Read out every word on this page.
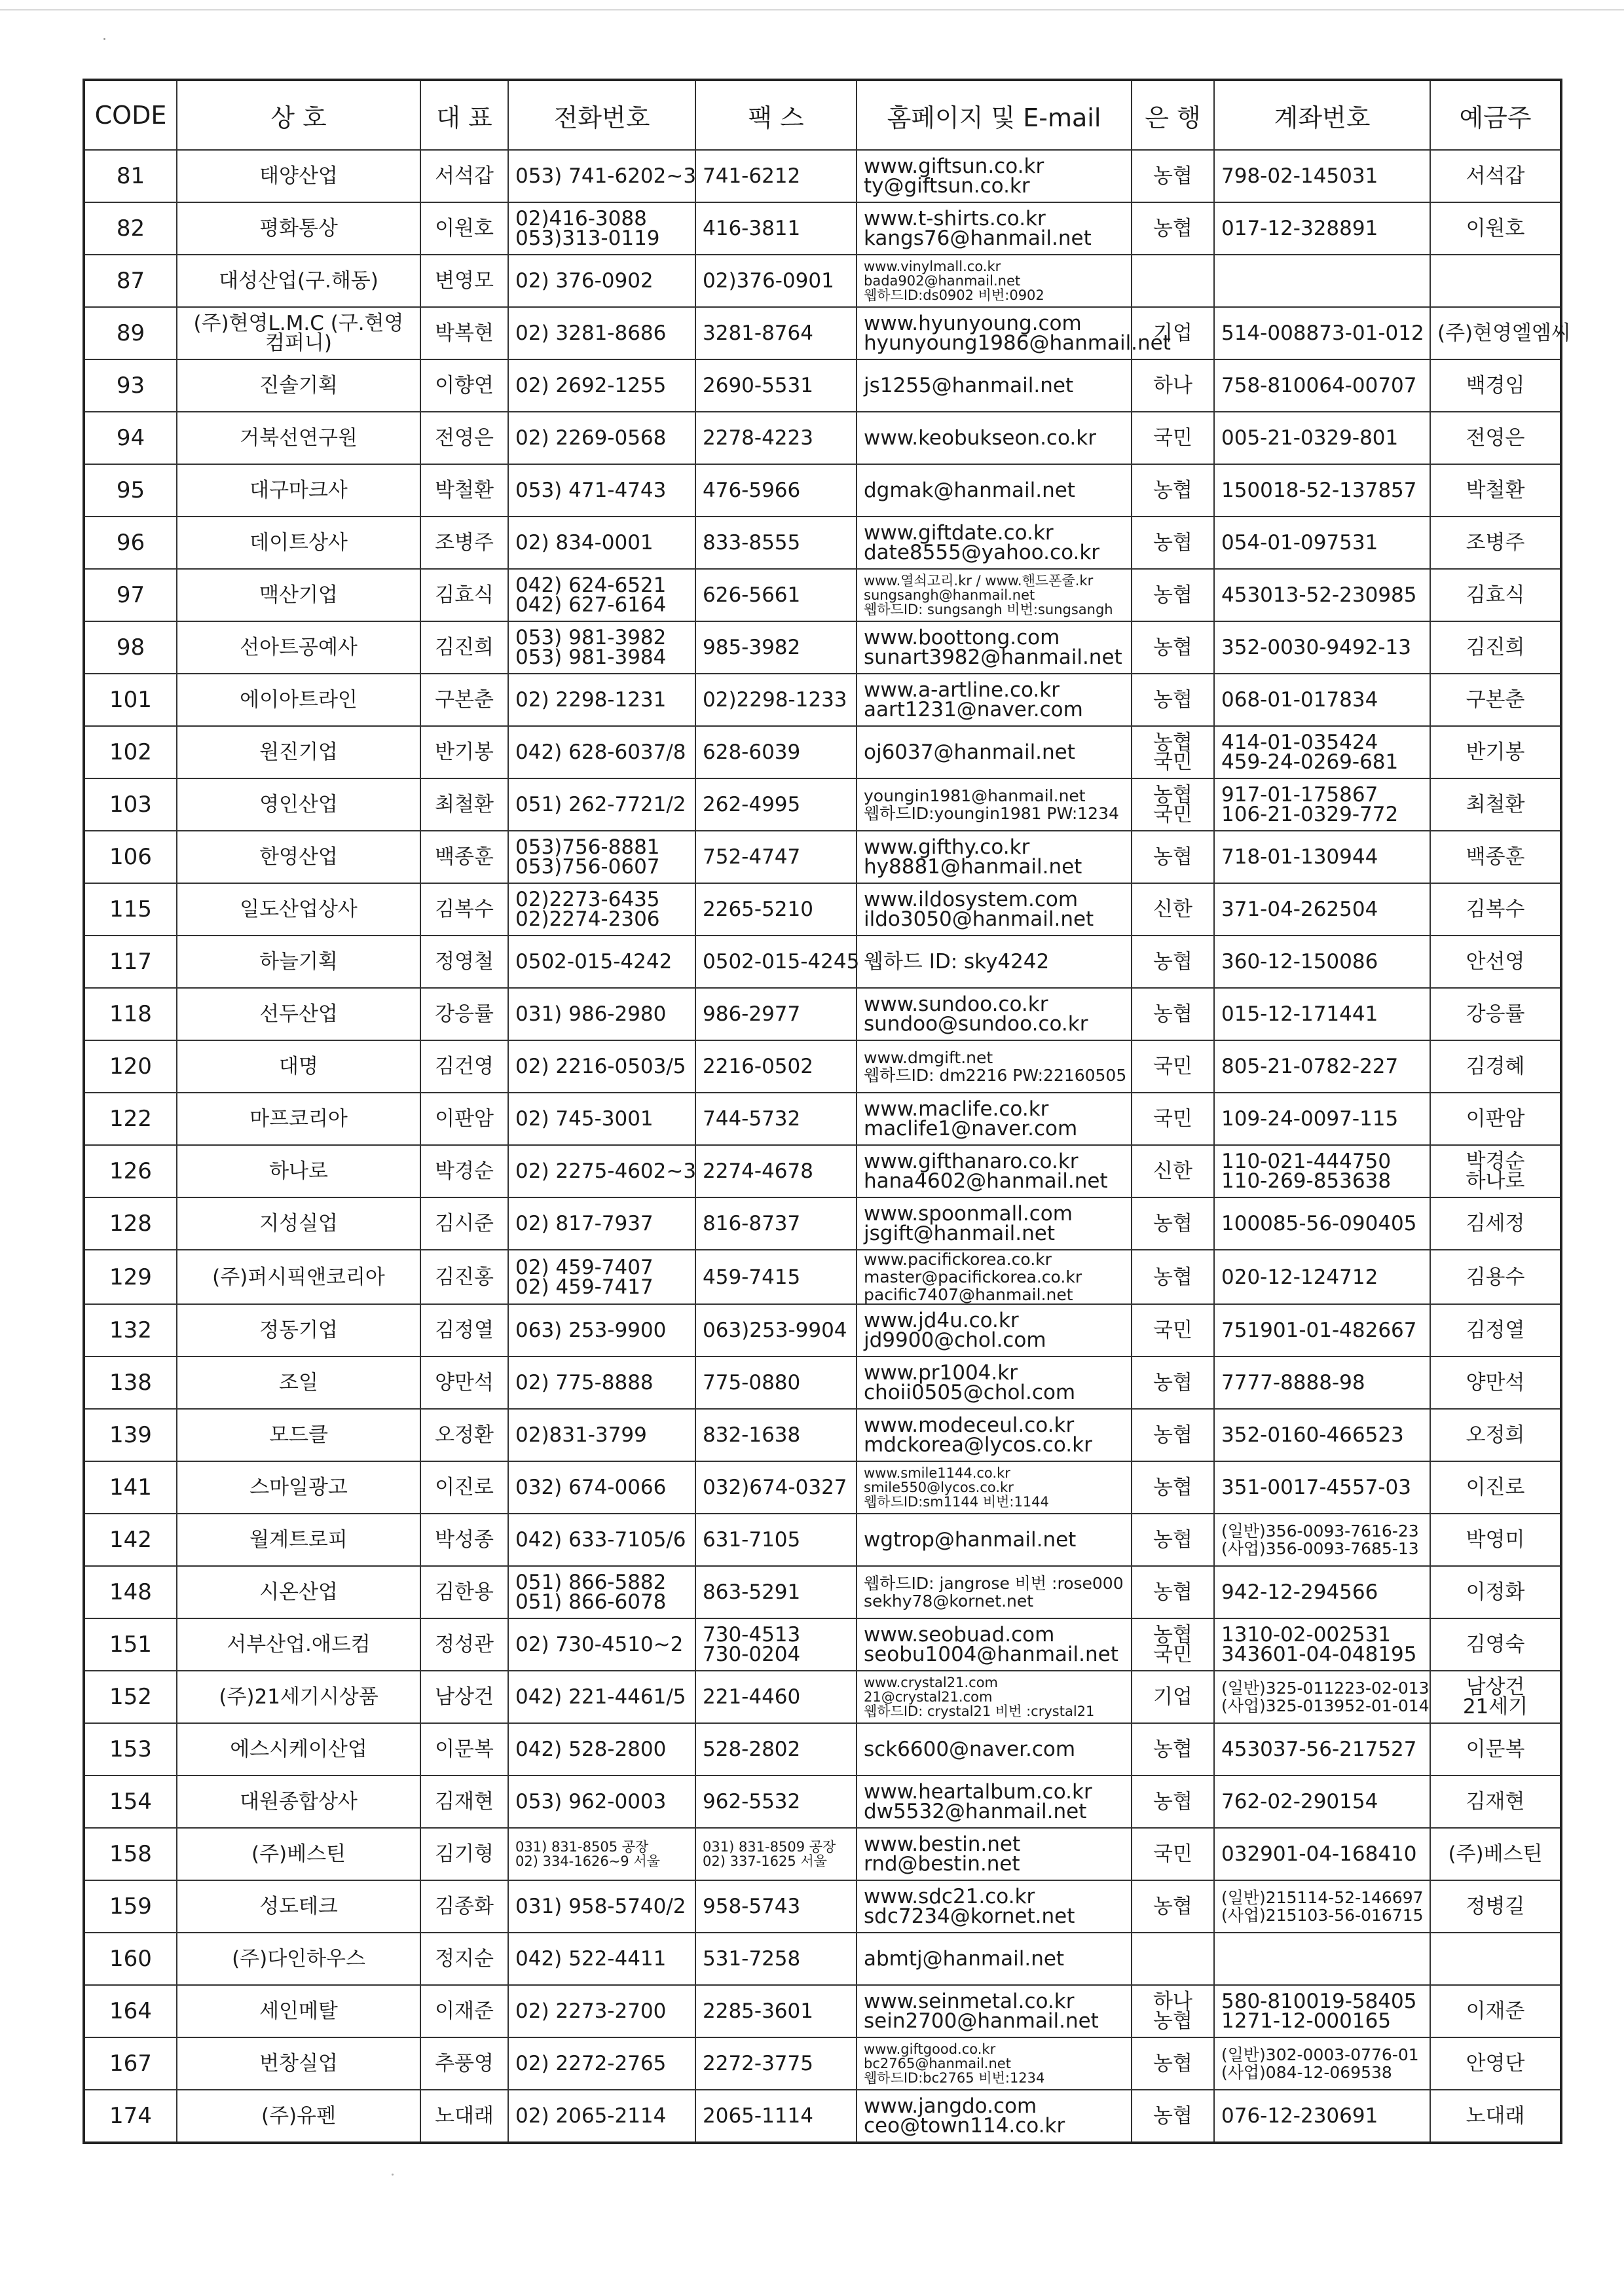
CODE	상 호	대 표	전화번호	팩 스	홈페이지 및 E-mail	은 행	계좌번호	예금주
81	태양산업	서석갑	053) 741-6202~3	741-6212	www.giftsun.co.kr
ty@giftsun.co.kr	농협	798-02-145031	서석갑

82	평화통상	이원호	02)416-3088
053)313-0119	416-3811	www.t-shirts.co.kr
kangs76@hanmail.net	농협	017-12-328891	이원호

87	대성산업(구.해동)	변영모	02) 376-0902	02)376-0901	www.vinylmall.co.kr
bada902@hanmail.net
웹하드ID:ds0902 비번:0902			

89	(주)현영L.M.C (구.현영컴퍼니)	박복현	02) 3281-8686	3281-8764	www.hyunyoung.com
hyunyoung1986@hanmail.net	기업	514-008873-01-012	(주)현영엘엠씨

93	진솔기획	이향연	02) 2692-1255	2690-5531	js1255@hanmail.net	하나	758-810064-00707	백경임

94	거북선연구원	전영은	02) 2269-0568	2278-4223	www.keobukseon.co.kr	국민	005-21-0329-801	전영은

95	대구마크사	박철환	053) 471-4743	476-5966	dgmak@hanmail.net	농협	150018-52-137857	박철환

96	데이트상사	조병주	02) 834-0001	833-8555	www.giftdate.co.kr
date8555@yahoo.co.kr	농협	054-01-097531	조병주

97	맥산기업	김효식	042) 624-6521
042) 627-6164	626-5661	www.열쇠고리.kr / www.핸드폰줄.kr
sungsangh@hanmail.net
웹하드ID: sungsangh 비번:sungsangh	농협	453013-52-230985	김효식

98	선아트공예사	김진희	053) 981-3982
053) 981-3984	985-3982	www.boottong.com
sunart3982@hanmail.net	농협	352-0030-9492-13	김진희

101	에이아트라인	구본춘	02) 2298-1231	02)2298-1233	www.a-artline.co.kr
aart1231@naver.com	농협	068-01-017834	구본춘

102	원진기업	반기봉	042) 628-6037/8	628-6039	oj6037@hanmail.net	농협
국민	414-01-035424
459-24-0269-681	반기봉

103	영인산업	최철환	051) 262-7721/2	262-4995	youngin1981@hanmail.net
웹하드ID:youngin1981 PW:1234	농협
국민	917-01-175867
106-21-0329-772	최철환

106	한영산업	백종훈	053)756-8881
053)756-0607	752-4747	www.gifthy.co.kr
hy8881@hanmail.net	농협	718-01-130944	백종훈

115	일도산업상사	김복수	02)2273-6435
02)2274-2306	2265-5210	www.ildosystem.com
ildo3050@hanmail.net	신한	371-04-262504	김복수

117	하늘기획	정영철	0502-015-4242	0502-015-4245	웹하드 ID: sky4242	농협	360-12-150086	안선영

118	선두산업	강응률	031) 986-2980	986-2977	www.sundoo.co.kr
sundoo@sundoo.co.kr	농협	015-12-171441	강응률

120	대명	김건영	02) 2216-0503/5	2216-0502	www.dmgift.net
웹하드ID: dm2216 PW:22160505	국민	805-21-0782-227	김경혜

122	마프코리아	이판암	02) 745-3001	744-5732	www.maclife.co.kr
maclife1@naver.com	국민	109-24-0097-115	이판암

126	하나로	박경순	02) 2275-4602~3	2274-4678	www.gifthanaro.co.kr
hana4602@hanmail.net	신한	110-021-444750
110-269-853638	박경순
하나로

128	지성실업	김시준	02) 817-7937	816-8737	www.spoonmall.com
jsgift@hanmail.net	농협	100085-56-090405	김세정

129	(주)퍼시픽앤코리아	김진홍	02) 459-7407
02) 459-7417	459-7415	www.pacifickorea.co.kr
master@pacifickorea.co.kr
pacific7407@hanmail.net	농협	020-12-124712	김용수

132	정동기업	김정열	063) 253-9900	063)253-9904	www.jd4u.co.kr
jd9900@chol.com	국민	751901-01-482667	김정열

138	조일	양만석	02) 775-8888	775-0880	www.pr1004.kr
choii0505@chol.com	농협	7777-8888-98	양만석

139	모드클	오정환	02)831-3799	832-1638	www.modeceul.co.kr
mdckorea@lycos.co.kr	농협	352-0160-466523	오정희

141	스마일광고	이진로	032) 674-0066	032)674-0327	www.smile1144.co.kr
smile550@lycos.co.kr
웹하드ID:sm1144 비번:1144	농협	351-0017-4557-03	이진로

142	월계트로피	박성종	042) 633-7105/6	631-7105	wgtrop@hanmail.net	농협	(일반)356-0093-7616-23
(사업)356-0093-7685-13	박영미

148	시온산업	김한용	051) 866-5882
051) 866-6078	863-5291	웹하드ID: jangrose 비번 :rose000
sekhy78@kornet.net	농협	942-12-294566	이정화

151	서부산업.애드컴	정성관	02) 730-4510~2	730-4513
730-0204	www.seobuad.com
seobu1004@hanmail.net	농협
국민	1310-02-002531
343601-04-048195	김영숙

152	(주)21세기시상품	남상건	042) 221-4461/5	221-4460	www.crystal21.com
21@crystal21.com
웹하드ID: crystal21 비번 :crystal21	기업	(일반)325-011223-02-013
(사업)325-013952-01-014	남상건
21세기

153	에스시케이산업	이문복	042) 528-2800	528-2802	sck6600@naver.com	농협	453037-56-217527	이문복

154	대원종합상사	김재현	053) 962-0003	962-5532	www.heartalbum.co.kr
dw5532@hanmail.net	농협	762-02-290154	김재현

158	(주)베스틴	김기형	031) 831-8505 공장
02) 334-1626~9 서울	031) 831-8509 공장
02) 337-1625 서울	www.bestin.net
rnd@bestin.net	국민	032901-04-168410	(주)베스틴

159	성도테크	김종화	031) 958-5740/2	958-5743	www.sdc21.co.kr
sdc7234@kornet.net	농협	(일반)215114-52-146697
(사업)215103-56-016715	정병길

160	(주)다인하우스	정지순	042) 522-4411	531-7258	abmtj@hanmail.net			

164	세인메탈	이재준	02) 2273-2700	2285-3601	www.seinmetal.co.kr
sein2700@hanmail.net	하나
농협	580-810019-58405
1271-12-000165	이재준

167	번창실업	추풍영	02) 2272-2765	2272-3775	www.giftgood.co.kr
bc2765@hanmail.net
웹하드ID:bc2765 비번:1234	농협	(일반)302-0003-0776-01
(사업)084-12-069538	안영단

174	(주)유펜	노대래	02) 2065-2114	2065-1114	www.jangdo.com
ceo@town114.co.kr	농협	076-12-230691	노대래
